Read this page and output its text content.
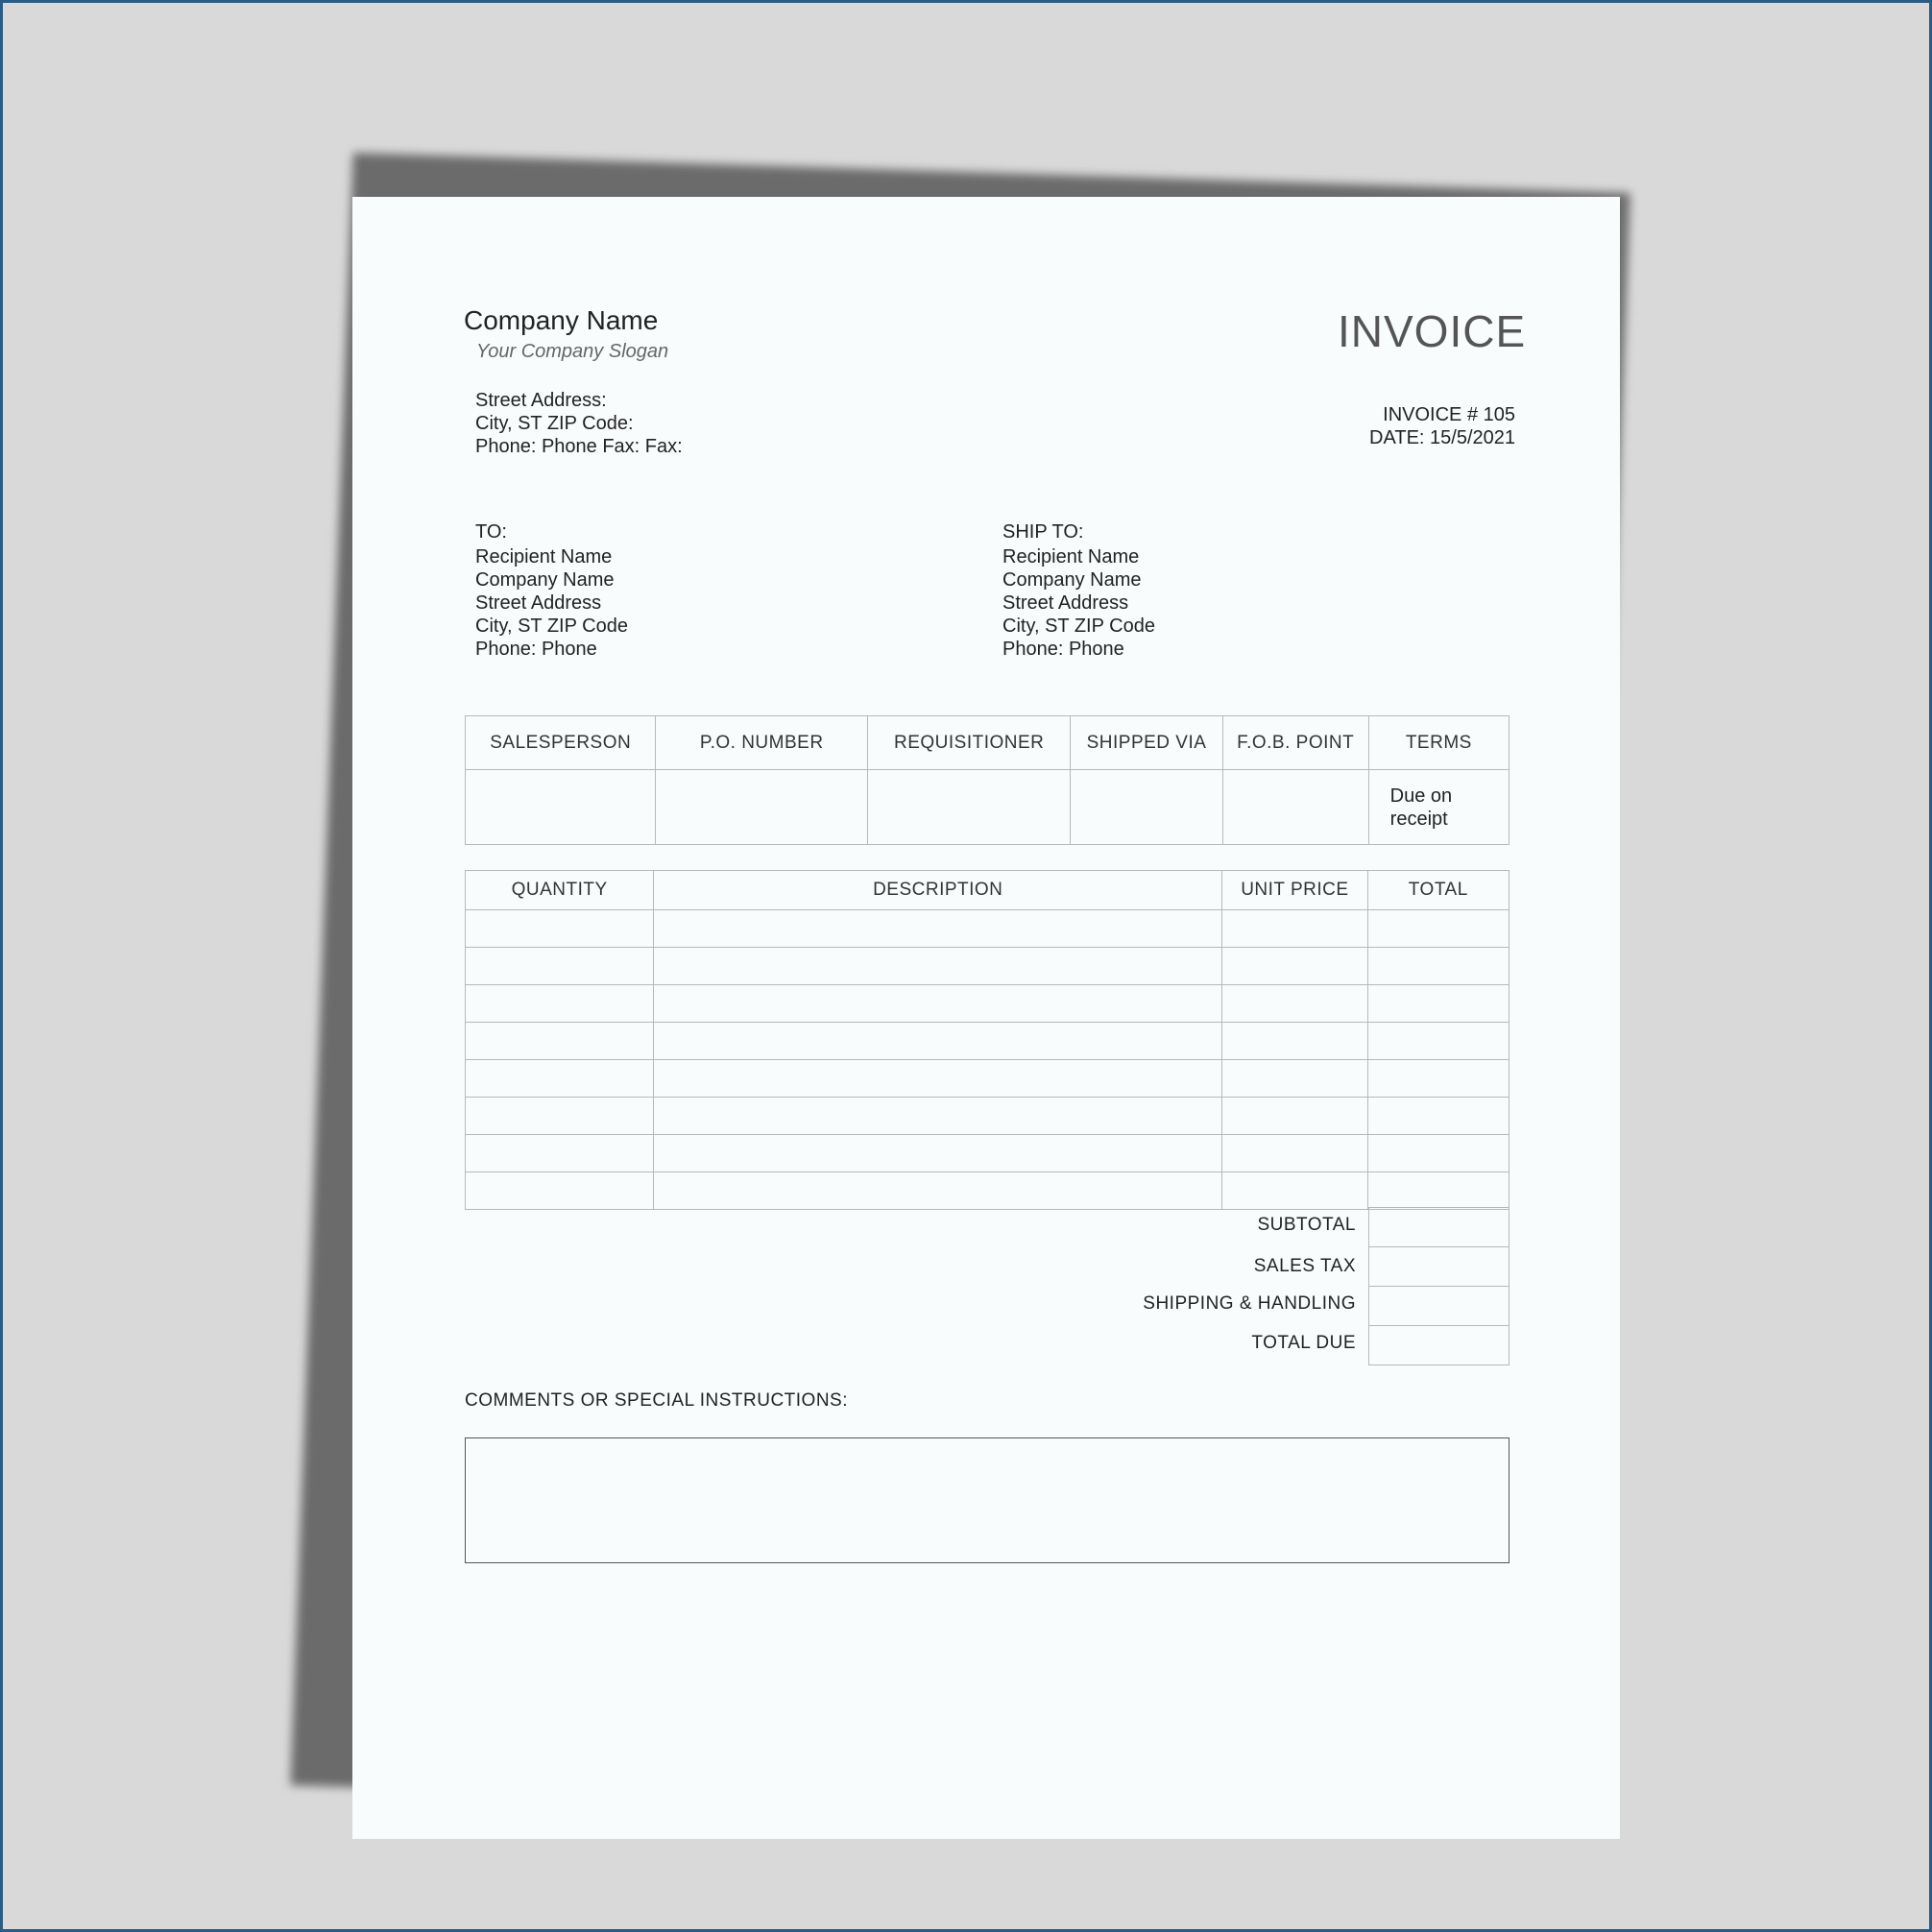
Company Name
Your Company Slogan
Street Address:
City, ST ZIP Code:
Phone: Phone Fax: Fax:
INVOICE
INVOICE # 105
DATE: 15/5/2021
TO:
Recipient Name
Company Name
Street Address
City, ST ZIP Code
Phone: Phone
SHIP TO:
Recipient Name
Company Name
Street Address
City, ST ZIP Code
Phone: Phone
SALESPERSON	P.O. NUMBER	REQUISITIONER	SHIPPED VIA	F.O.B. POINT	TERMS
					Due on receipt
QUANTITY	DESCRIPTION	UNIT PRICE	TOTAL

SUBTOTAL
SALES TAX
SHIPPING & HANDLING
TOTAL DUE
COMMENTS OR SPECIAL INSTRUCTIONS:
